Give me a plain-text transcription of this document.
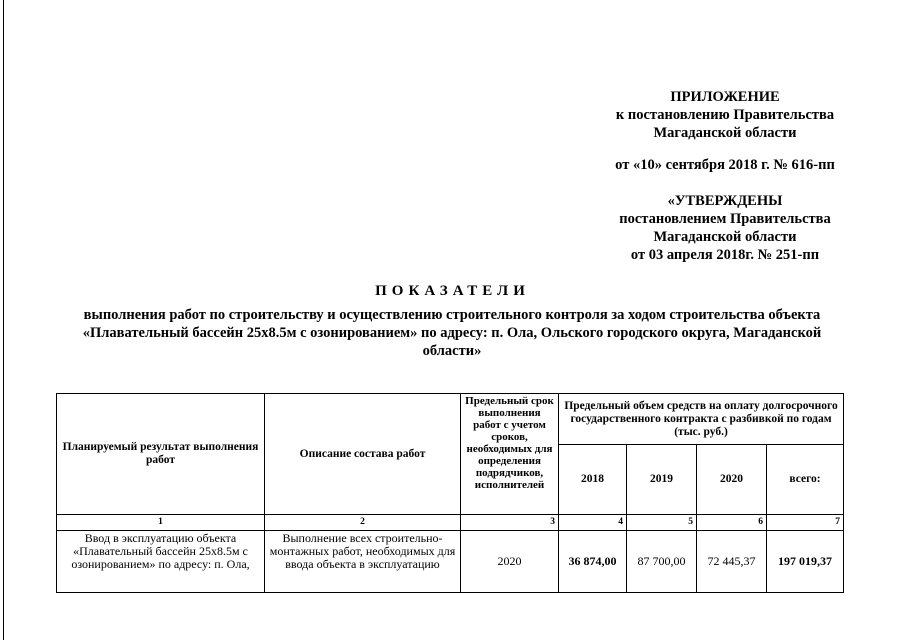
ПРИЛОЖЕНИЕ
к постановлению Правительства
Магаданской области
от «10» сентября 2018 г. № 616-пп
«УТВЕРЖДЕНЫ
постановлением Правительства
Магаданской области
от 03 апреля 2018г. № 251-пп
ПОКАЗАТЕЛИ
выполнения работ по строительству и осуществлению строительного контроля за ходом строительства объекта
«Плавательный бассейн 25х8.5м с озонированием» по адресу: п. Ола, Ольского городского округа, Магаданской
области»
Планируемый результат выполнения работ	Описание состава работ	Предельный срок выполнения работ с учетом сроков, необходимых для определения подрядчиков, исполнителей	Предельный объем средств на оплату долгосрочного государственного контракта с разбивкой по годам (тыс. руб.)			
			2018	2019	2020	всего:
1	2	3	4	5	6	7
Ввод в эксплуатацию объекта «Плавательный бассейн 25х8.5м с озонированием» по адресу: п. Ола,	Выполнение всех строительно-монтажных работ, необходимых для ввода объекта в эксплуатацию	2020	36 874,00	87 700,00	72 445,37	197 019,37
